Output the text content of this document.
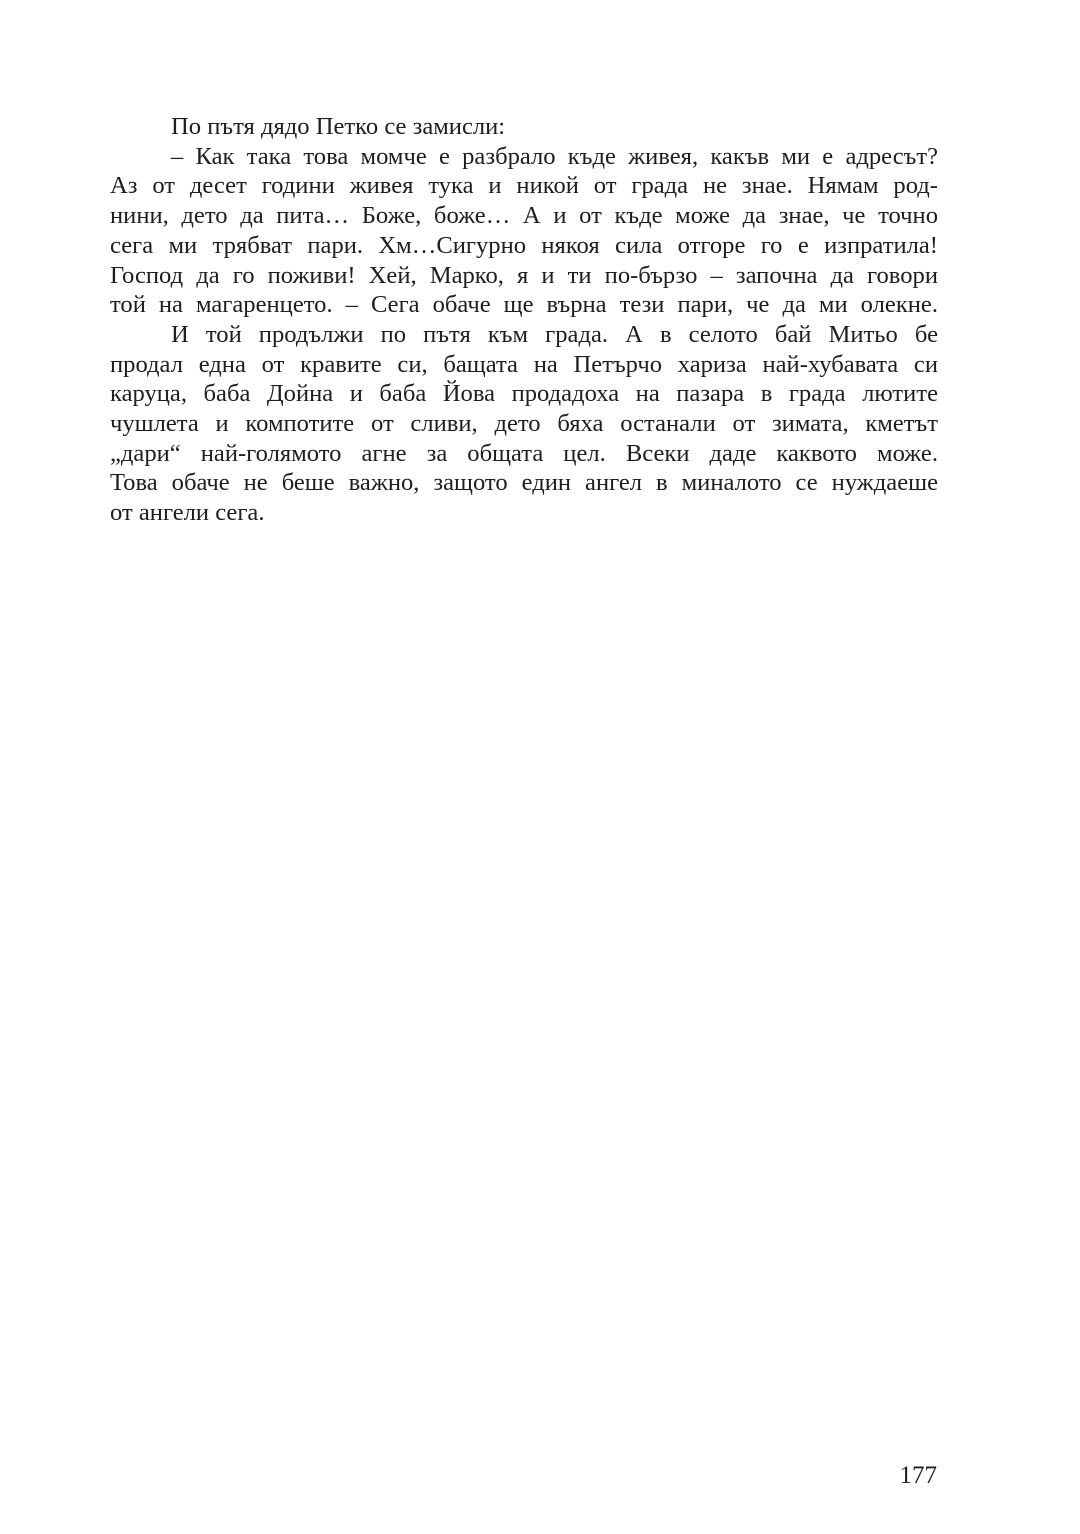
По пътя дядо Петко се замисли:
– Как така това момче е разбрало къде живея, какъв ми е адресът?
Аз от десет години живея тука и никой от града не знае. Нямам род-
нини, дето да пита… Боже, боже… А и от къде може да знае, че точно
сега ми трябват пари. Хм…Сигурно някоя сила отгоре го е изпратила!
Господ да го поживи! Хей, Марко, я и ти по-бързо – започна да говори
той на магаренцето. – Сега обаче ще върна тези пари, че да ми олекне.
И той продължи по пътя към града. А в селото бай Митьо бе
продал една от кравите си, бащата на Петърчо харизa най-хубавата си
каруца, баба Дойна и баба Йова продадоха на пазара в града лютите
чушлета и компотите от сливи, дето бяха останали от зимата, кметът
„дари“ най-голямото агне за общата цел. Всеки даде каквото може.
Това обаче не беше важно, защото един ангел в миналото се нуждаеше
от ангели сега.
177
